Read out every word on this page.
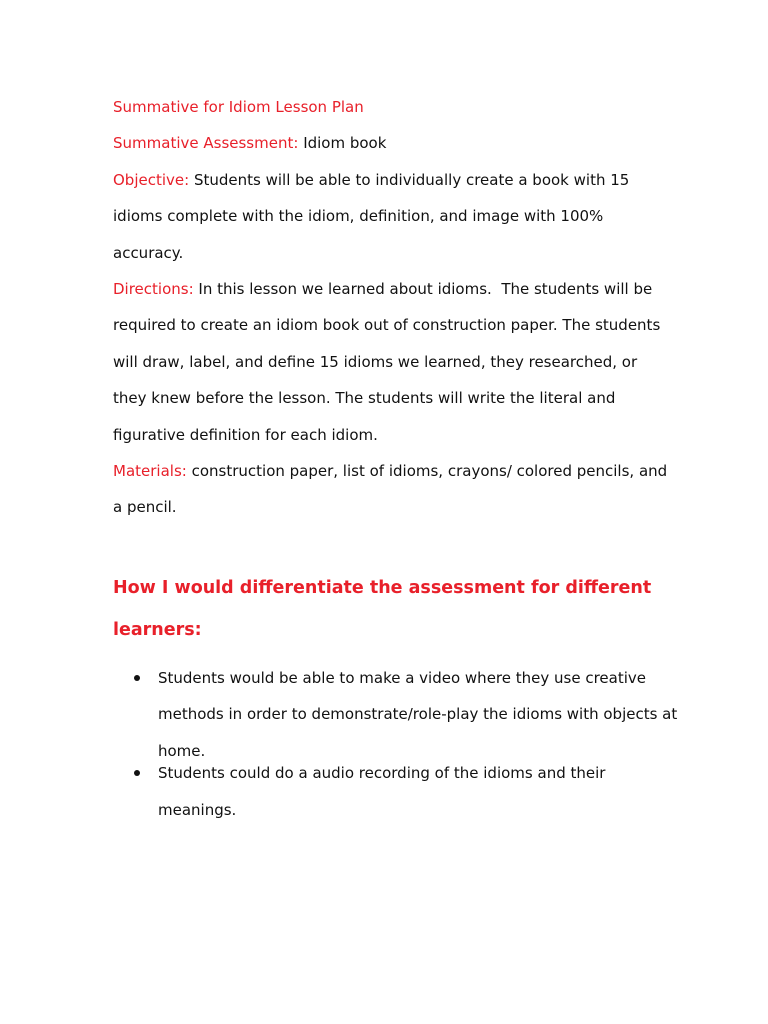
Summative for Idiom Lesson Plan

Summative Assessment: Idiom book

Objective: Students will be able to individually create a book with 15 idioms complete with the idiom, definition, and image with 100% accuracy.

Directions: In this lesson we learned about idioms.  The students will be required to create an idiom book out of construction paper. The students will draw, label, and define 15 idioms we learned, they researched, or they knew before the lesson. The students will write the literal and figurative definition for each idiom.

Materials: construction paper, list of idioms, crayons/ colored pencils, and a pencil.

How I would differentiate the assessment for different learners:
Students would be able to make a video where they use creative methods in order to demonstrate/role-play the idioms with objects at home.
Students could do a audio recording of the idioms and their meanings.
